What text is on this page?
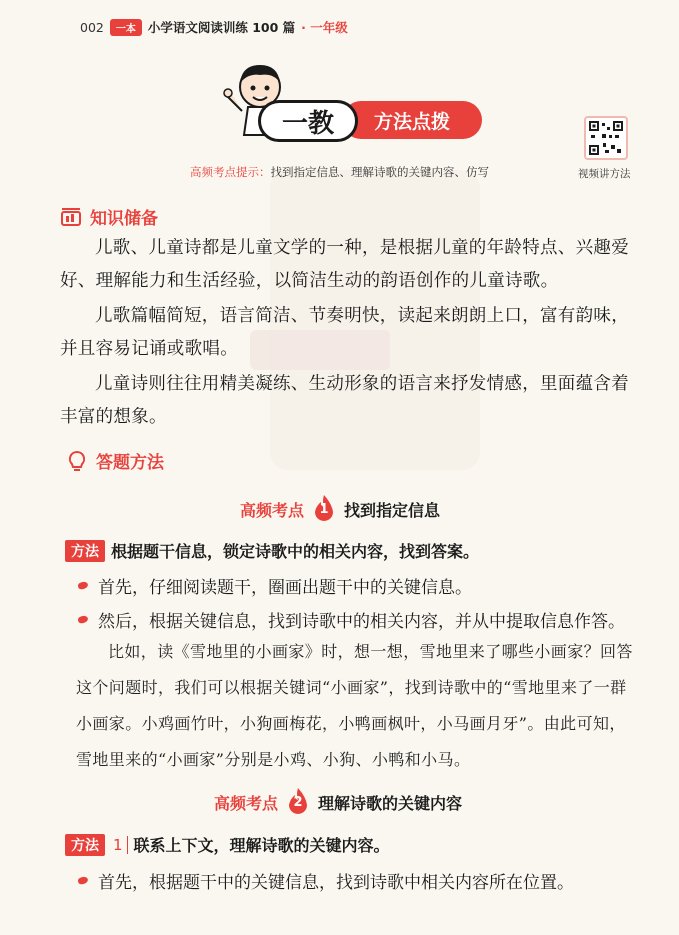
002	一本 小学语文阅读训练 100 篇 · 一年级
一教	方法点拨
高频考点提示：找到指定信息、理解诗歌的关键内容、仿写	视频讲方法
知识储备

儿歌、儿童诗都是儿童文学的一种，是根据儿童的年龄特点、兴趣爱好、理解能力和生活经验，以简洁生动的韵语创作的儿童诗歌。

儿歌篇幅简短，语言简洁、节奏明快，读起来朗朗上口，富有韵味，并且容易记诵或歌唱。

儿童诗则往往用精美凝练、生动形象的语言来抒发情感，里面蕴含着丰富的想象。

答题方法
高频考点	1 找到指定信息
方法 根据题干信息，锁定诗歌中的相关内容，找到答案。
首先，仔细阅读题干，圈画出题干中的关键信息。
然后，根据关键信息，找到诗歌中的相关内容，并从中提取信息作答。

比如，读《雪地里的小画家》时，想一想，雪地里来了哪些小画家？回答这个问题时，我们可以根据关键词“小画家”，找到诗歌中的“雪地里来了一群小画家。小鸡画竹叶，小狗画梅花，小鸭画枫叶，小马画月牙”。由此可知，雪地里来的“小画家”分别是小鸡、小狗、小鸭和小马。

高频考点	2 理解诗歌的关键内容
方法 1 联系上下文，理解诗歌的关键内容。
首先，根据题干中的关键信息，找到诗歌中相关内容所在位置。
